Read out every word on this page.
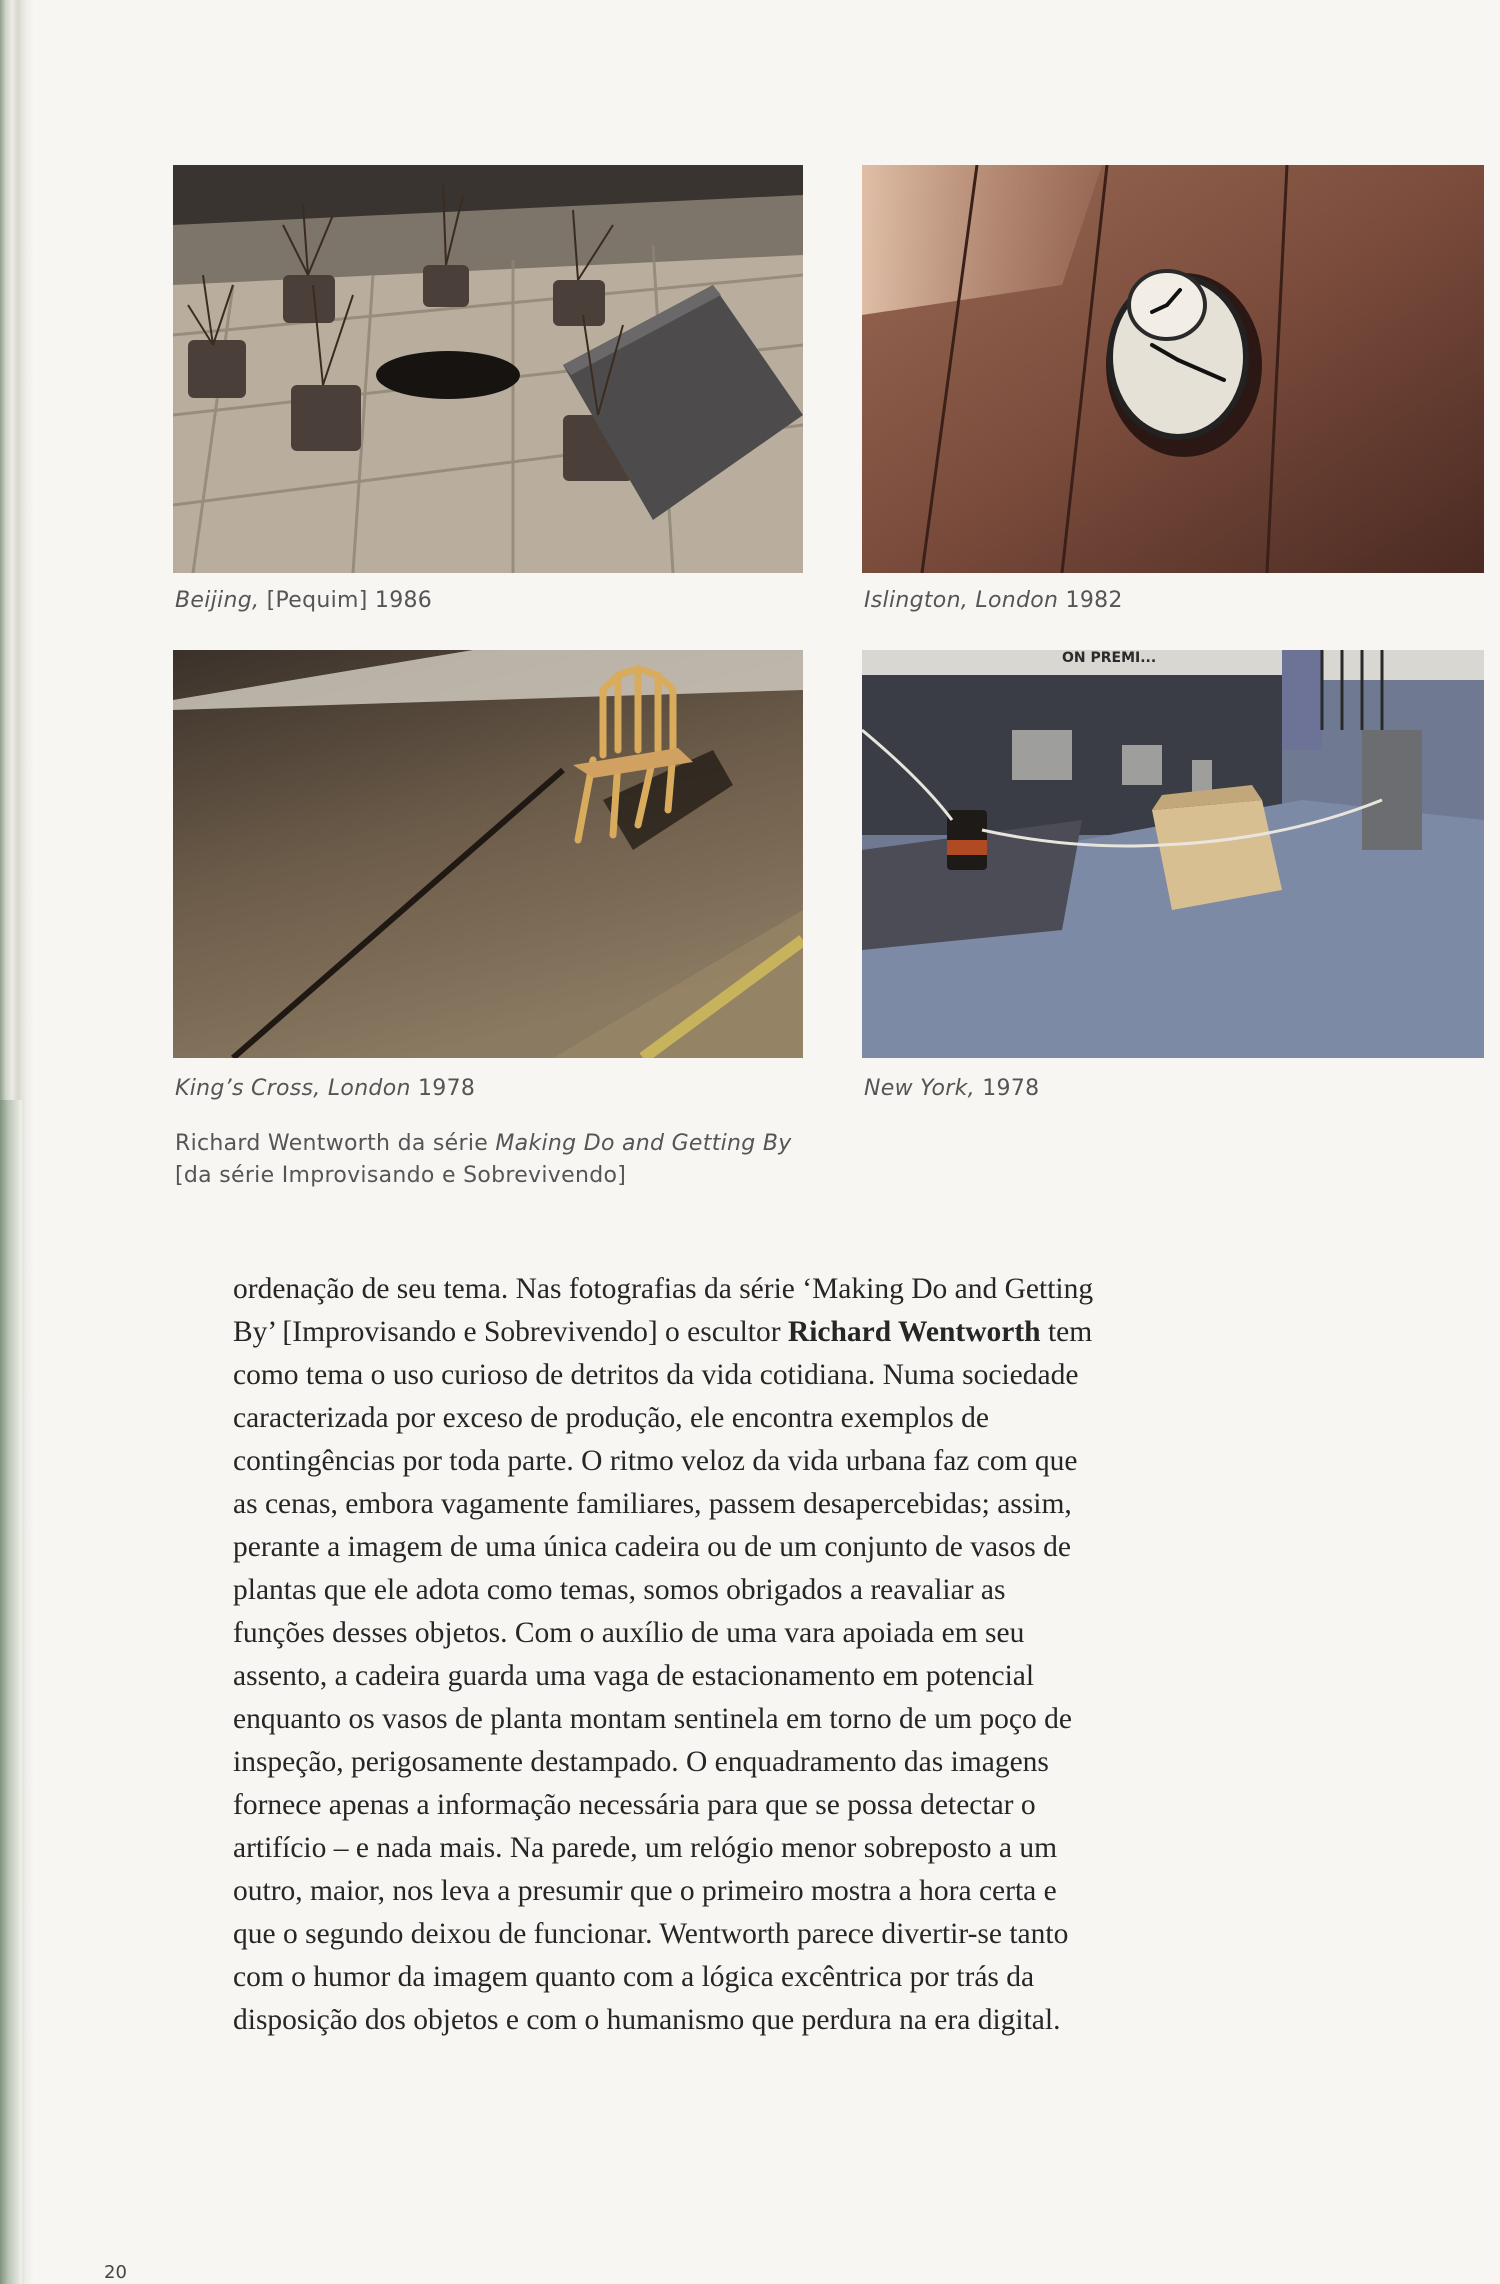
ON PREMI...
Beijing, [Pequim] 1986	Islington, London 1982
King’s Cross, London 1978	New York, 1978
Richard Wentworth da série Making Do and Getting By
[da série Improvisando e Sobrevivendo]
ordenação de seu tema. Nas fotografias da série ‘Making Do and Getting
By’ [Improvisando e Sobrevivendo] o escultor Richard Wentworth tem
como tema o uso curioso de detritos da vida cotidiana. Numa sociedade
caracterizada por exceso de produção, ele encontra exemplos de
contingências por toda parte. O ritmo veloz da vida urbana faz com que
as cenas, embora vagamente familiares, passem desapercebidas; assim,
perante a imagem de uma única cadeira ou de um conjunto de vasos de
plantas que ele adota como temas, somos obrigados a reavaliar as
funções desses objetos. Com o auxílio de uma vara apoiada em seu
assento, a cadeira guarda uma vaga de estacionamento em potencial
enquanto os vasos de planta montam sentinela em torno de um poço de
inspeção, perigosamente destampado. O enquadramento das imagens
fornece apenas a informação necessária para que se possa detectar o
artifício – e nada mais. Na parede, um relógio menor sobreposto a um
outro, maior, nos leva a presumir que o primeiro mostra a hora certa e
que o segundo deixou de funcionar. Wentworth parece divertir-se tanto
com o humor da imagem quanto com a lógica excêntrica por trás da
disposição dos objetos e com o humanismo que perdura na era digital.
20
